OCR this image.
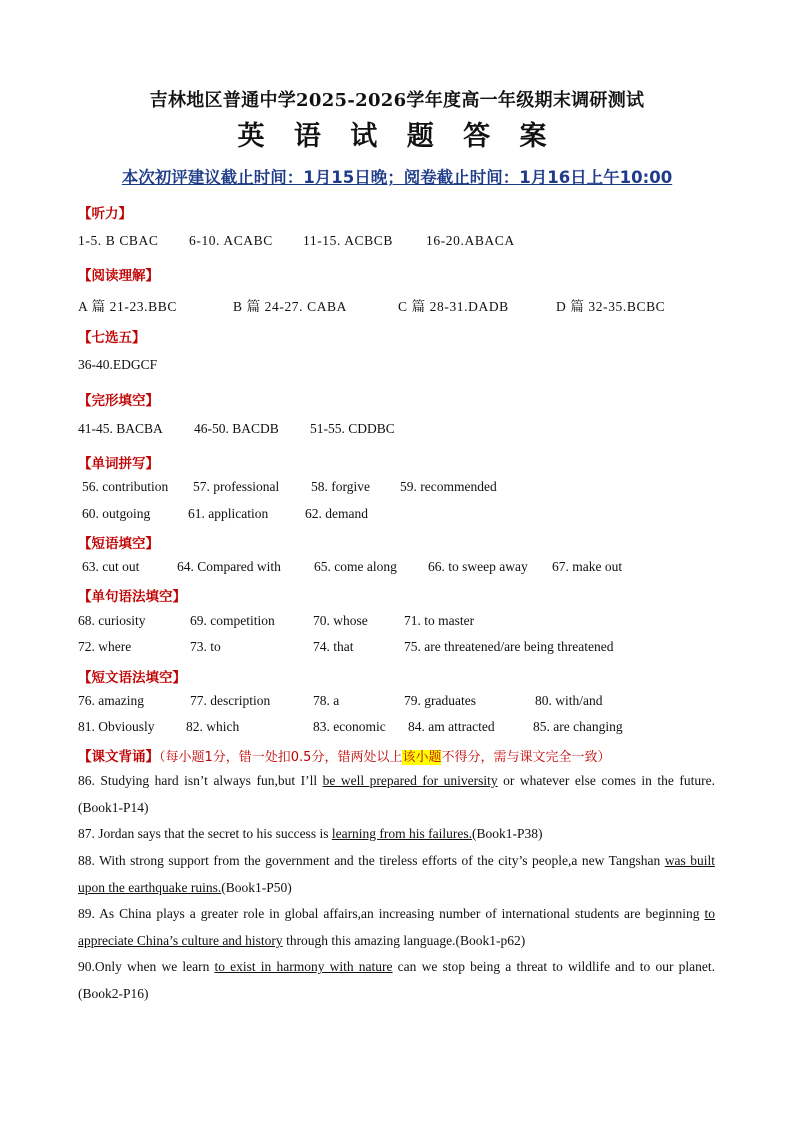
吉林地区普通中学2025-2026学年度高一年级期末调研测试
英 语 试 题 答 案
本次初评建议截止时间：1月15日晚；阅卷截止时间：1月16日上午10:00
【听力】
1-5. B CBAC 6-10. ACABC 11-15. ACBCB 16-20.ABACA
【阅读理解】
A 篇 21-23.BBC	B 篇 24-27. CABA	C 篇 28-31.DADB	D 篇 32-35.BCBC
【七选五】
36-40.EDGCF
【完形填空】
41-45. BACBA 46-50. BACDB 51-55. CDDBC
【单词拼写】
56. contribution 57. professional 58. forgive 59. recommended
60. outgoing	61. application	62. demand
【短语填空】
63. cut out	64. Compared with 65. come along 66. to sweep away 67. make out
【单句语法填空】
68. curiosity	69. competition	70. whose	71. to master
72. where	73. to	74. that	75. are threatened/are being threatened
【短文语法填空】
76. amazing	77. description	78. a	79. graduates	80. with/and
81. Obviously 82. which	83. economic 84. am attracted	85. are changing
【课文背诵】（每小题1分，错一处扣0.5分，错两处以上该小题不得分，需与课文完全一致）
86. Studying hard isn’t always fun,but I’ll be well prepared for university or whatever else comes in the future.(Book1-P14)
87. Jordan says that the secret to his success is learning from his failures.(Book1-P38)
88. With strong support from the government and the tireless efforts of the city’s people,a new Tangshan was built upon the earthquake ruins.(Book1-P50)
89. As China plays a greater role in global affairs,an increasing number of international students are beginning to appreciate China’s culture and history through this amazing language.(Book1-p62)
90.Only when we learn to exist in harmony with nature can we stop being a threat to wildlife and to our planet.(Book2-P16)
